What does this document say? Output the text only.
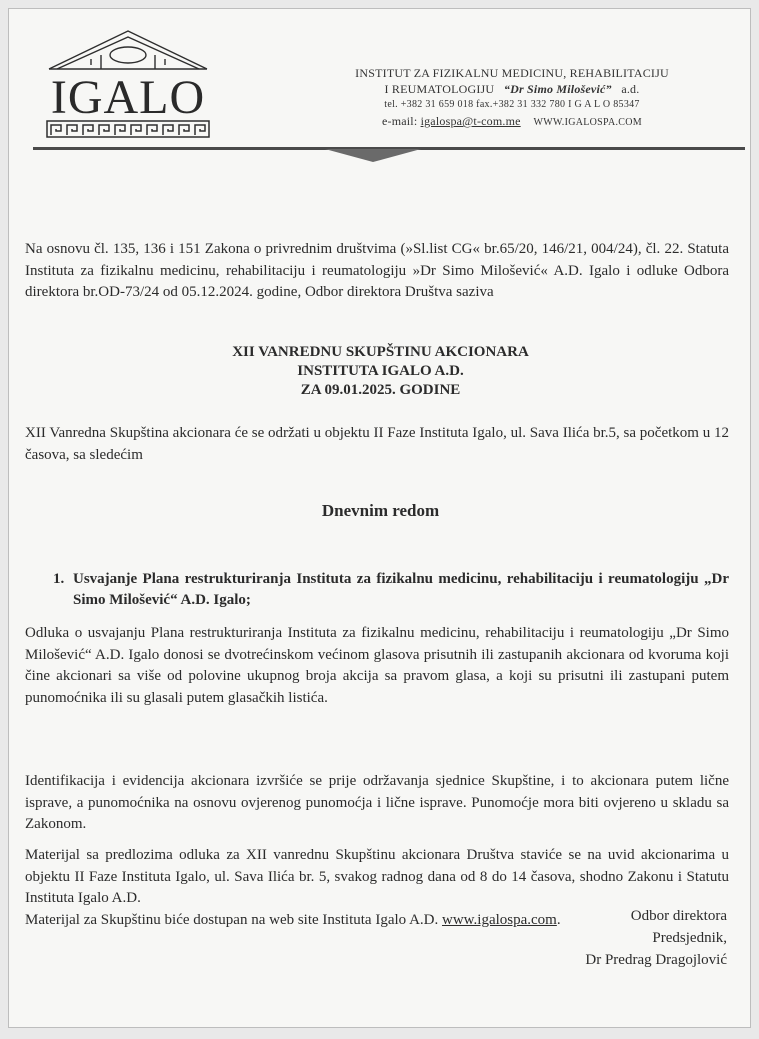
IGALO	INSTITUT ZA FIZIKALNU MEDICINU, REHABILITACIJU
I REUMATOLOGIJU “Dr Simo Milošević” a.d.
tel. +382 31 659 018 fax.+382 31 332 780 I G A L O 85347
e-mail: igalospa@t-com.me WWW.IGALOSPA.COM
Na osnovu čl. 135, 136 i 151 Zakona o privrednim društvima (»Sl.list CG« br.65/20, 146/21, 004/24), čl. 22. Statuta Instituta za fizikalnu medicinu, rehabilitaciju i reumatologiju »Dr Simo Milošević« A.D. Igalo i odluke Odbora direktora br.OD-73/24 od 05.12.2024. godine, Odbor direktora Društva saziva
XII VANREDNU SKUPŠTINU AKCIONARA
INSTITUTA IGALO A.D.
ZA 09.01.2025. GODINE
XII Vanredna Skupština akcionara će se održati u objektu II Faze Instituta Igalo, ul. Sava Ilića br.5, sa početkom u 12 časova, sa sledećim
Dnevnim redom
1. Usvajanje Plana restrukturiranja Instituta za fizikalnu medicinu, rehabilitaciju i reumatologiju „Dr Simo Milošević“ A.D. Igalo;
Odluka o usvajanju Plana restrukturiranja Instituta za fizikalnu medicinu, rehabilitaciju i reumatologiju „Dr Simo Milošević“ A.D. Igalo donosi se dvotrećinskom većinom glasova prisutnih ili zastupanih akcionara od kvoruma koji čine akcionari sa više od polovine ukupnog broja akcija sa pravom glasa, a koji su prisutni ili zastupani putem punomoćnika ili su glasali putem glasačkih listića.
Identifikacija i evidencija akcionara izvršiće se prije održavanja sjednice Skupštine, i to akcionara putem lične isprave, a punomoćnika na osnovu ovjerenog punomoćja i lične isprave. Punomoćje mora biti ovjereno u skladu sa Zakonom.
Materijal sa predlozima odluka za XII vanrednu Skupštinu akcionara Društva staviće se na uvid akcionarima u objektu II Faze Instituta Igalo, ul. Sava Ilića br. 5, svakog radnog dana od 8 do 14 časova, shodno Zakonu i Statutu Instituta Igalo A.D.
Materijal za Skupštinu biće dostupan na web site Instituta Igalo A.D. www.igalospa.com.	Odbor direktora
Predsjednik,
Dr Predrag Dragojlović
